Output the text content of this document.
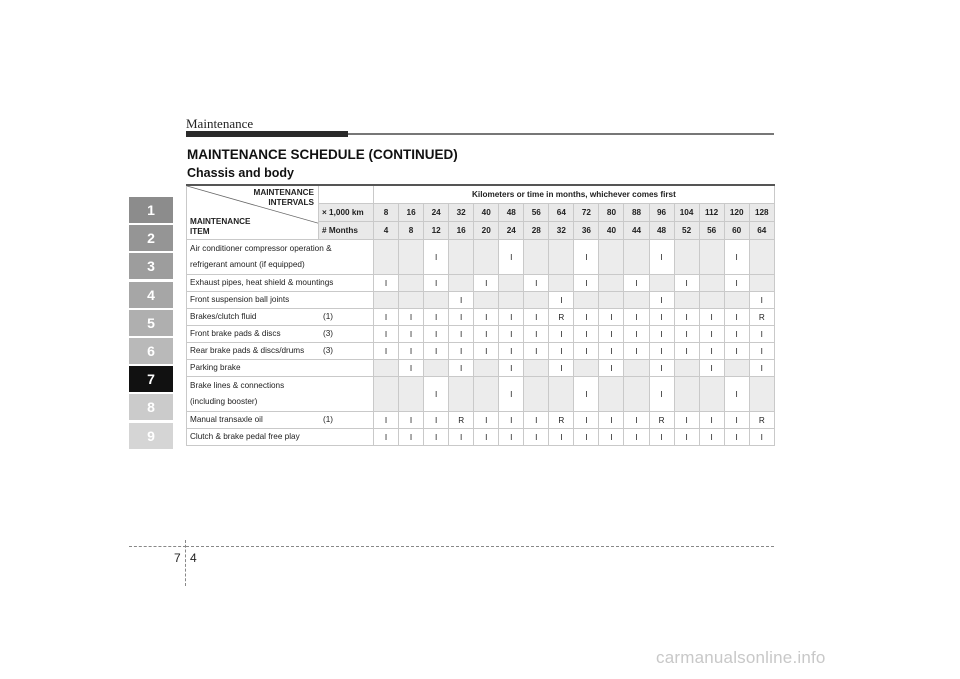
Maintenance
MAINTENANCE SCHEDULE (CONTINUED)
Chassis and body
1
2
3
4
5
6
7
8
9
MAINTENANCE
INTERVALS
MAINTENANCE
ITEM		Kilometers or time in months, whichever comes first															
	× 1,000 km	8	16	24	32	40	48	56	64	72	80	88	96	104	112	120	128
	# Months	4	8	12	16	20	24	28	32	36	40	44	48	52	56	60	64

Air conditioner compressor operation &
refrigerant amount (if equipped)				I			I			I			I			I	

Exhaust pipes, heat shield & mountings		I		I		I		I		I		I		I		I	

Front suspension ball joints					I				I				I				I

Brakes/clutch fluid (1)		I	I	I	I	I	I	I	R	I	I	I	I	I	I	I	R

Front brake pads & discs (3)		I	I	I	I	I	I	I	I	I	I	I	I	I	I	I	I

Rear brake pads & discs/drums (3)		I	I	I	I	I	I	I	I	I	I	I	I	I	I	I	I

Parking brake			I		I		I		I		I		I		I		I

Brake lines & connections
(including booster)				I			I			I			I			I	

Manual transaxle oil (1)		I	I	I	R	I	I	I	R	I	I	I	R	I	I	I	R

Clutch & brake pedal free play		I	I	I	I	I	I	I	I	I	I	I	I	I	I	I	I
7 4
carmanualsonline.info
